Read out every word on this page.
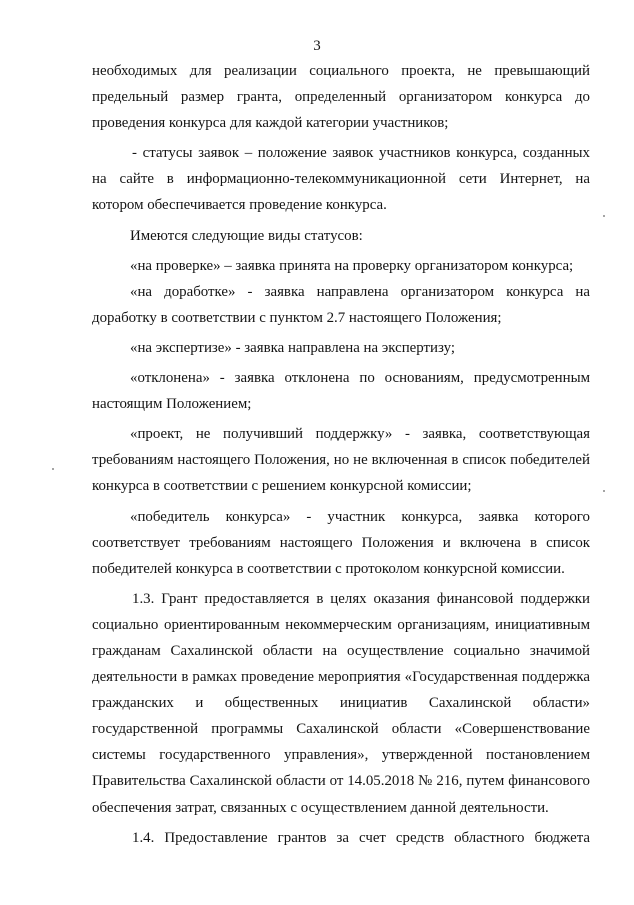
3

необходимых для реализации социального проекта, не превышающий предельный размер гранта, определенный организатором конкурса до проведения конкурса для каждой категории участников;

- статусы заявок – положение заявок участников конкурса, созданных на сайте в информационно-телекоммуникационной сети Интернет, на котором обеспечивается проведение конкурса.

Имеются следующие виды статусов:

«на проверке» – заявка принята на проверку организатором конкурса;

«на доработке» - заявка направлена организатором конкурса на доработку в соответствии с пунктом 2.7 настоящего Положения;

«на экспертизе» - заявка направлена на экспертизу;

«отклонена» - заявка отклонена по основаниям, предусмотренным настоящим Положением;

«проект, не получивший поддержку» - заявка, соответствующая требованиям настоящего Положения, но не включенная в список победителей конкурса в соответствии с решением конкурсной комиссии;

«победитель конкурса» - участник конкурса, заявка которого соответствует требованиям настоящего Положения и включена в список победителей конкурса в соответствии с протоколом конкурсной комиссии.

1.3. Грант предоставляется в целях оказания финансовой поддержки социально ориентированным некоммерческим организациям, инициативным гражданам Сахалинской области на осуществление социально значимой деятельности в рамках проведение мероприятия «Государственная поддержка гражданских и общественных инициатив Сахалинской области» государственной программы Сахалинской области «Совершенствование системы государственного управления», утвержденной постановлением Правительства Сахалинской области от 14.05.2018 № 216, путем финансового обеспечения затрат, связанных с осуществлением данной деятельности.

1.4. Предоставление грантов за счет средств областного бюджета
